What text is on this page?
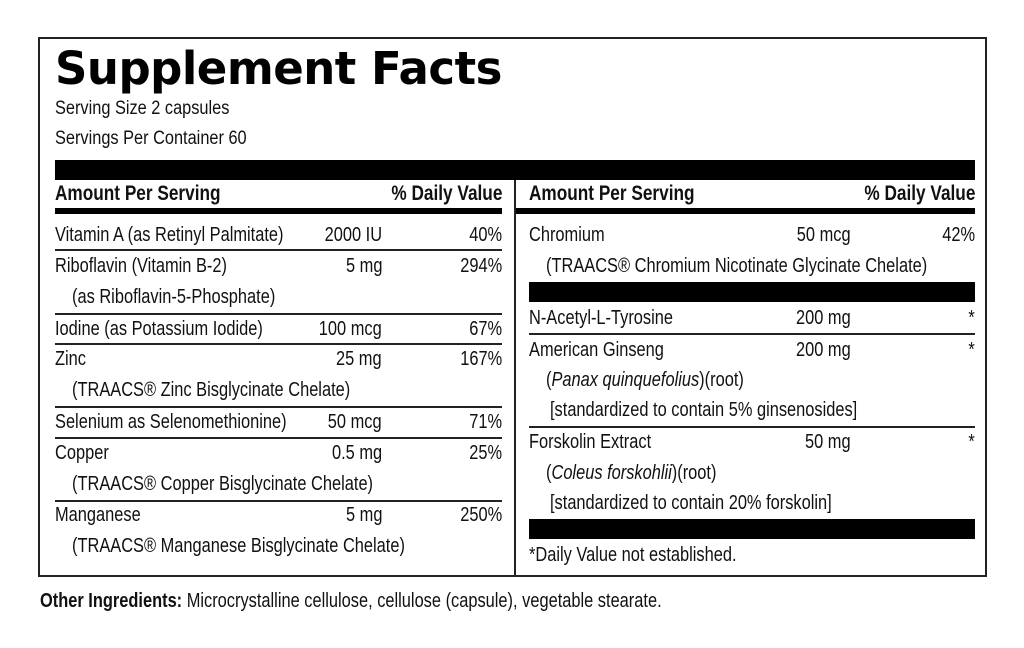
Supplement Facts
Serving Size 2 capsules
Servings Per Container 60
Amount Per Serving	% Daily Value Amount Per Serving	% Daily Value
Vitamin A (as Retinyl Palmitate) 2000 IU	40%
Riboflavin (Vitamin B-2)	5 mg	294%
(as Riboflavin-5-Phosphate)
Iodine (as Potassium Iodide)	100 mcg	67%
Zinc	25 mg	167%
(TRAACS® Zinc Bisglycinate Chelate)
Selenium as Selenomethionine) 50 mcg	71%
Copper	0.5 mg	25%
(TRAACS® Copper Bisglycinate Chelate)
Manganese	5 mg	250%
(TRAACS® Manganese Bisglycinate Chelate)
Chromium	50 mcg	42%
(TRAACS® Chromium Nicotinate Glycinate Chelate)
N-Acetyl-L-Tyrosine	200 mg	*
American Ginseng	200 mg	*
(Panax quinquefolius)(root)
[standardized to contain 5% ginsenosides]
Forskolin Extract	50 mg	*
(Coleus forskohlii)(root)
[standardized to contain 20% forskolin]
*Daily Value not established.
Other Ingredients: Microcrystalline cellulose, cellulose (capsule), vegetable stearate.
